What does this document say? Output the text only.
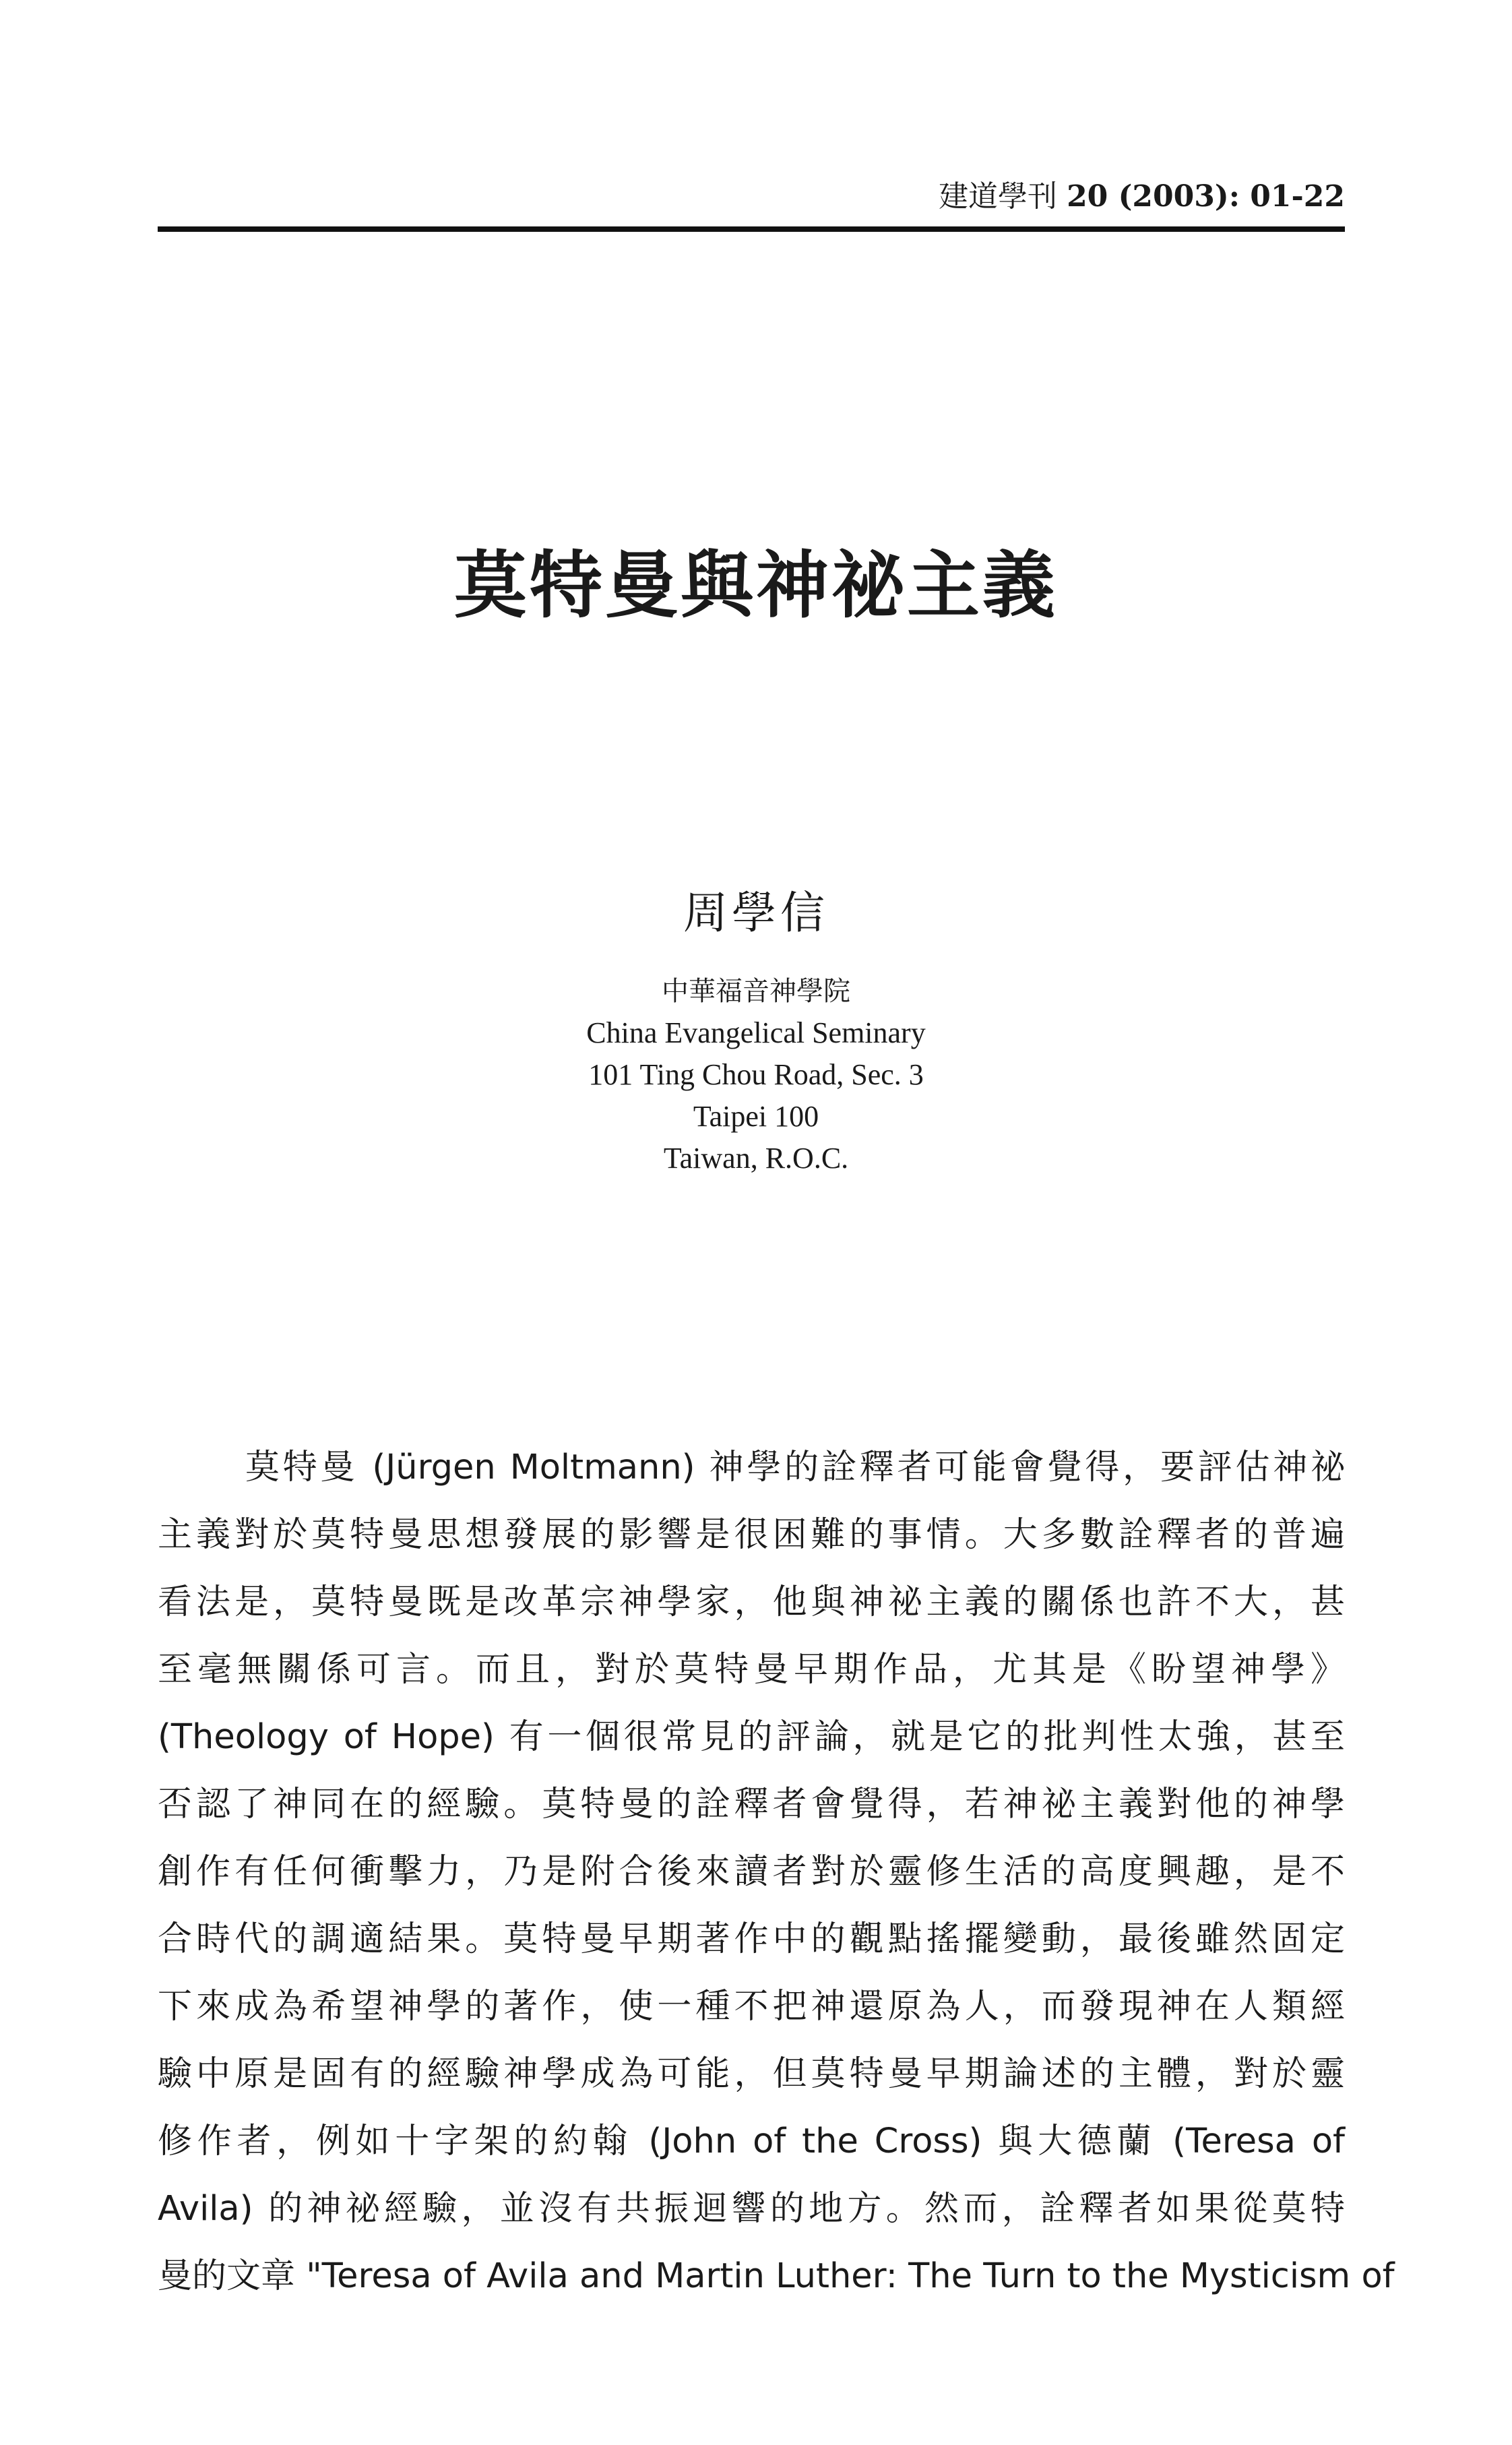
建道學刊 20 (2003): 01-22
莫特曼與神祕主義
周學信
中華福音神學院
China Evangelical Seminary
101 Ting Chou Road, Sec. 3
Taipei 100
Taiwan, R.O.C.
莫特曼 (Jürgen Moltmann) 神學的詮釋者可能會覺得，要評估神祕
主義對於莫特曼思想發展的影響是很困難的事情。大多數詮釋者的普遍
看法是，莫特曼既是改革宗神學家，他與神祕主義的關係也許不大，甚
至毫無關係可言。而且，對於莫特曼早期作品，尤其是《盼望神學》
(Theology of Hope) 有一個很常見的評論，就是它的批判性太強，甚至
否認了神同在的經驗。莫特曼的詮釋者會覺得，若神祕主義對他的神學
創作有任何衝擊力，乃是附合後來讀者對於靈修生活的高度興趣，是不
合時代的調適結果。莫特曼早期著作中的觀點搖擺變動，最後雖然固定
下來成為希望神學的著作，使一種不把神還原為人，而發現神在人類經
驗中原是固有的經驗神學成為可能，但莫特曼早期論述的主體，對於靈
修作者，例如十字架的約翰 (John of the Cross) 與大德蘭 (Teresa of
Avila) 的神祕經驗，並沒有共振迴響的地方。然而，詮釋者如果從莫特
曼的文章 "Teresa of Avila and Martin Luther: The Turn to the Mysticism of
